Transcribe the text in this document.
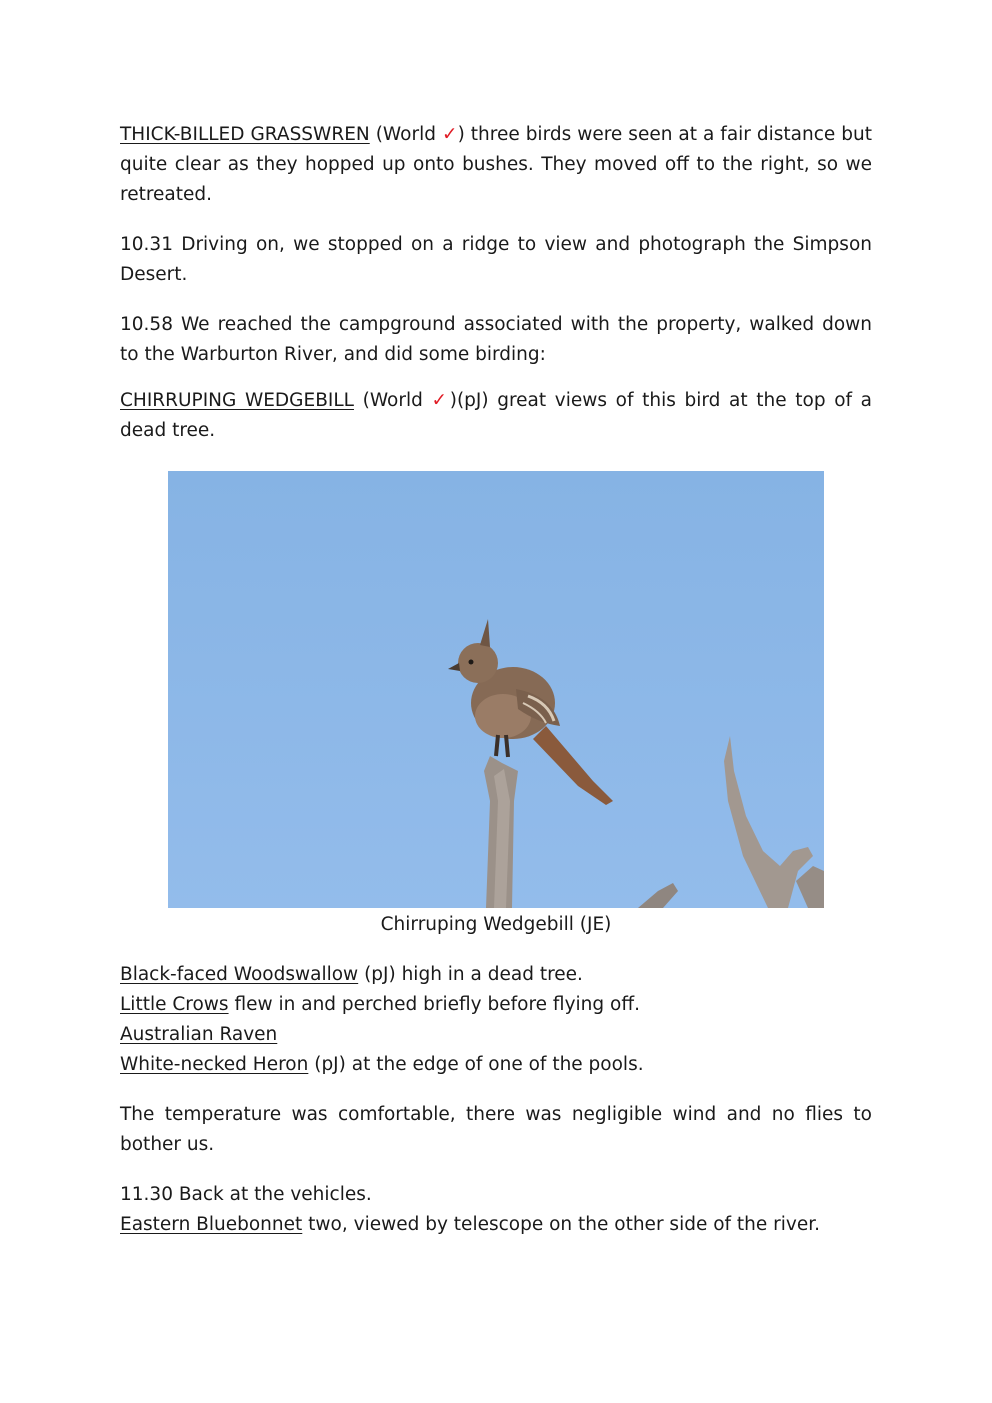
THICK-BILLED GRASSWREN (World ✓) three birds were seen at a fair distance but quite clear as they hopped up onto bushes. They moved off to the right, so we retreated.

10.31 Driving on, we stopped on a ridge to view and photograph the Simpson Desert.

10.58 We reached the campground associated with the property, walked down to the Warburton River, and did some birding:

CHIRRUPING WEDGEBILL (World ✓)(pJ) great views of this bird at the top of a dead tree.

Chirruping Wedgebill (JE)

Black-faced Woodswallow (pJ) high in a dead tree.

Little Crows flew in and perched briefly before flying off.

Australian Raven

White-necked Heron (pJ) at the edge of one of the pools.

The temperature was comfortable, there was negligible wind and no flies to bother us.

11.30 Back at the vehicles.

Eastern Bluebonnet two, viewed by telescope on the other side of the river.
